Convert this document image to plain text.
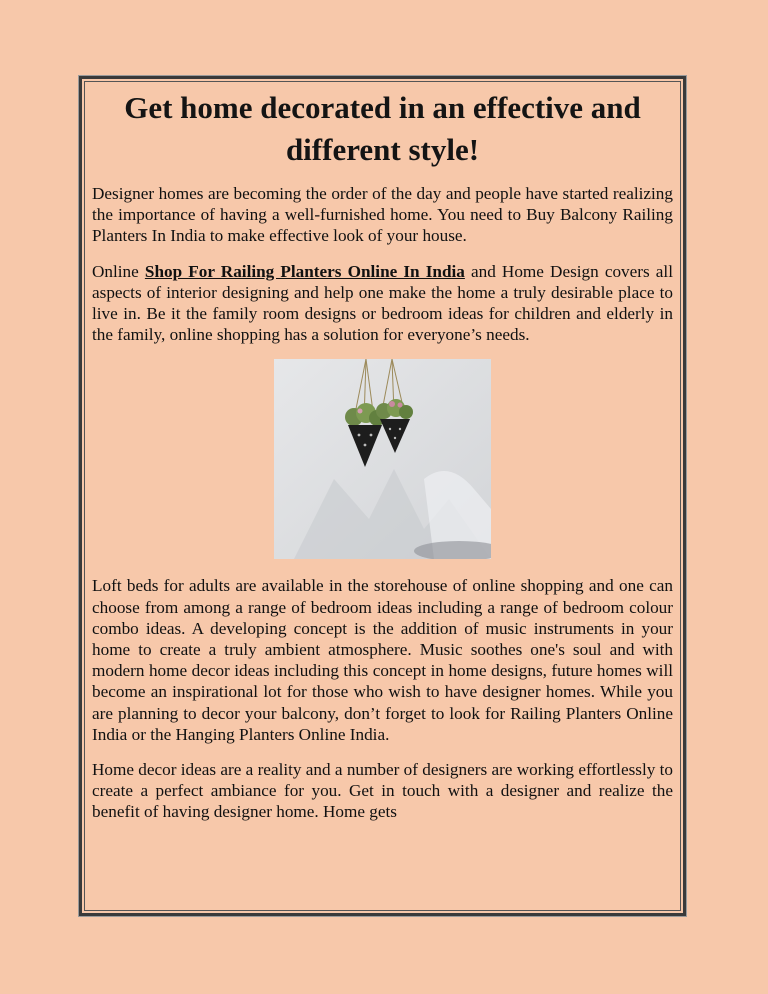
Get home decorated in an effective and different style!

Designer homes are becoming the order of the day and people have started realizing the importance of having a well-furnished home. You need to Buy Balcony Railing Planters In India to make effective look of your house.

Online Shop For Railing Planters Online In India and Home Design covers all aspects of interior designing and help one make the home a truly desirable place to live in. Be it the family room designs or bedroom ideas for children and elderly in the family, online shopping has a solution for everyone’s needs.

Loft beds for adults are available in the storehouse of online shopping and one can choose from among a range of bedroom ideas including a range of bedroom colour combo ideas. A developing concept is the addition of music instruments in your home to create a truly ambient atmosphere. Music soothes one's soul and with modern home decor ideas including this concept in home designs, future homes will become an inspirational lot for those who wish to have designer homes. While you are planning to decor your balcony, don’t forget to look for Railing Planters Online India or the Hanging Planters Online India.

Home decor ideas are a reality and a number of designers are working effortlessly to create a perfect ambiance for you. Get in touch with a designer and realize the benefit of having designer home. Home gets
